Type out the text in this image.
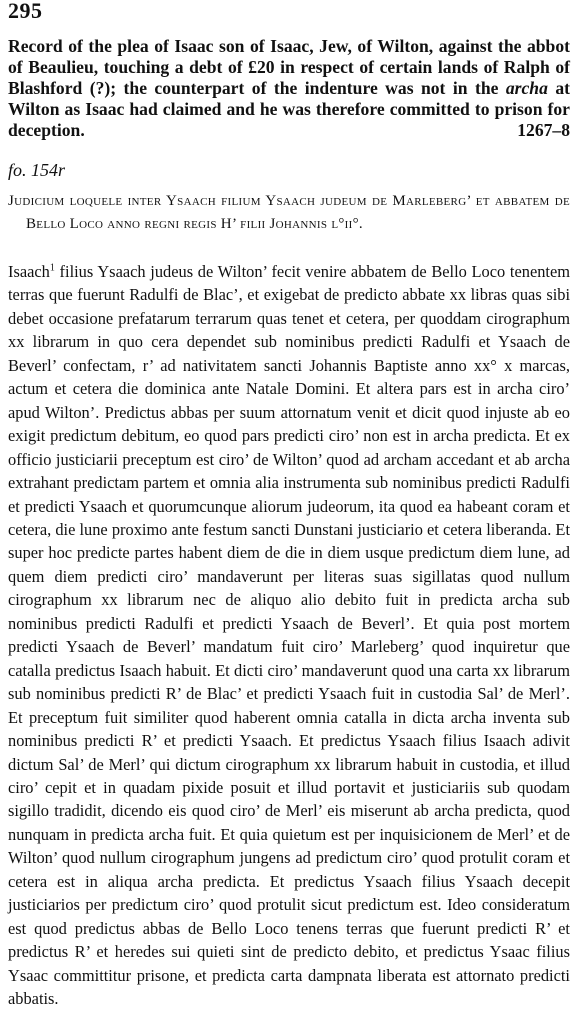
295
Record of the plea of Isaac son of Isaac, Jew, of Wilton, against the abbot of Beaulieu, touching a debt of £20 in respect of certain lands of Ralph of Blashford (?); the counterpart of the indenture was not in the archa at Wilton as Isaac had claimed and he was therefore committed to prison for deception.	1267–8
fo. 154r
Judicium loquele inter Ysaach filium Ysaach judeum de Marleberg’ et abbatem de Bello Loco anno regni regis H’ filii Johannis l°ii°.

Isaach$^1$ filius Ysaach judeus de Wilton’ fecit venire abbatem de Bello Loco tenentem terras que fuerunt Radulfi de Blac’, et exigebat de predicto abbate xx libras quas sibi debet occasione prefatarum terrarum quas tenet et cetera, per quoddam cirographum xx librarum in quo cera dependet sub nominibus predicti Radulfi et Ysaach de Beverl’ confectam, r’ ad nativitatem sancti Johannis Baptiste anno xx° x marcas, actum et cetera die dominica ante Natale Domini. Et altera pars est in archa ciro’ apud Wilton’. Predictus abbas per suum attornatum venit et dicit quod injuste ab eo exigit predictum debitum, eo quod pars predicti ciro’ non est in archa predicta. Et ex officio justiciarii preceptum est ciro’ de Wilton’ quod ad archam accedant et ab archa extrahant predictam partem et omnia alia instrumenta sub nominibus predicti Radulfi et predicti Ysaach et quorumcunque aliorum judeorum, ita quod ea habeant coram et cetera, die lune proximo ante festum sancti Dunstani justiciario et cetera liberanda. Et super hoc predicte partes habent diem de die in diem usque predictum diem lune, ad quem diem predicti ciro’ mandaverunt per literas suas sigillatas quod nullum cirographum xx librarum nec de aliquo alio debito fuit in predicta archa sub nominibus predicti Radulfi et predicti Ysaach de Beverl’. Et quia post mortem predicti Ysaach de Beverl’ mandatum fuit ciro’ Marleberg’ quod inquiretur que catalla predictus Isaach habuit. Et dicti ciro’ mandaverunt quod una carta xx librarum sub nominibus predicti R’ de Blac’ et predicti Ysaach fuit in custodia Sal’ de Merl’. Et preceptum fuit similiter quod haberent omnia catalla in dicta archa inventa sub nominibus predicti R’ et predicti Ysaach. Et predictus Ysaach filius Isaach adivit dictum Sal’ de Merl’ qui dictum cirographum xx librarum habuit in custodia, et illud ciro’ cepit et in quadam pixide posuit et illud portavit et justiciariis sub quodam sigillo tradidit, dicendo eis quod ciro’ de Merl’ eis miserunt ab archa predicta, quod nunquam in predicta archa fuit. Et quia quietum est per inquisicionem de Merl’ et de Wilton’ quod nullum cirographum jungens ad predictum ciro’ quod protulit coram et cetera est in aliqua archa predicta. Et predictus Ysaach filius Ysaach decepit justiciarios per predictum ciro’ quod protulit sicut predictum est. Ideo consideratum est quod predictus abbas de Bello Loco tenens terras que fuerunt predicti R’ et predictus R’ et heredes sui quieti sint de predicto debito, et predictus Ysaac filius Ysaac committitur prisone, et predicta carta dampnata liberata est attornato predicti abbatis.
